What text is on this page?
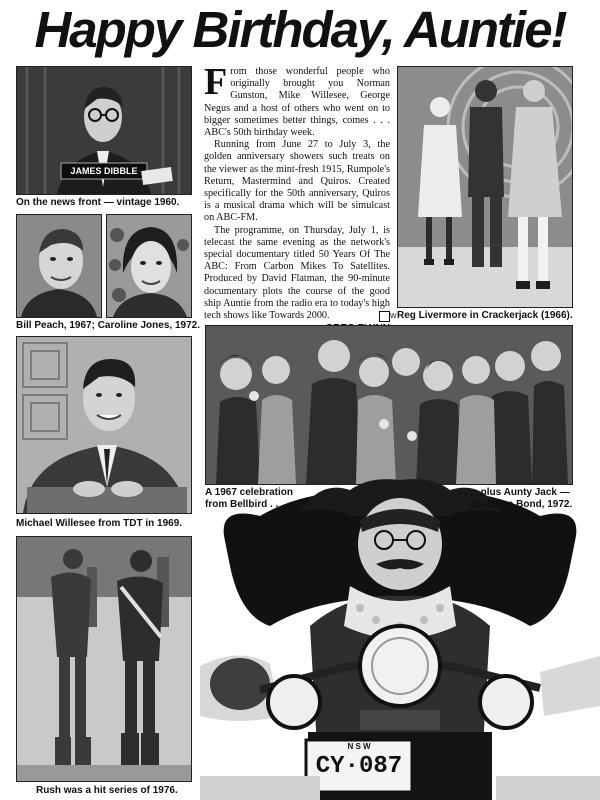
Happy Birthday, Auntie!
JAMES DIBBLE
On the news front — vintage 1960.
Bill Peach, 1967; Caroline Jones, 1972.
Michael Willesee from TDT in 1969.
Rush was a hit series of 1976.

From those wonderful people who originally brought you Norman Gunston, Mike Willesee, George Negus and a host of others who went on to bigger sometimes better things, comes . . . ABC's 50th birthday week.

Running from June 27 to July 3, the golden anniversary showers such treats on the viewer as the mint-fresh 1915, Rumpole's Return, Mastermind and Quiros. Created specifically for the 50th anniversary, Quiros is a musical drama which will be simulcast on ABC-FM.

The programme, on Thursday, July 1, is telecast the same evening as the network's special documentary titled 50 Years Of The ABC: From Carbon Mikes To Satellites. Produced by David Flatman, the 90-minute documentary plots the course of the good ship Auntie from the radio era to today's high tech shows like Towards 2000.	W Reg Livermore in Crackerjack (1966).
A 1967 celebration
from Bellbird . . .
N S W
CY·087
. . . plus Aunty Jack —
Grahame Bond, 1972.
